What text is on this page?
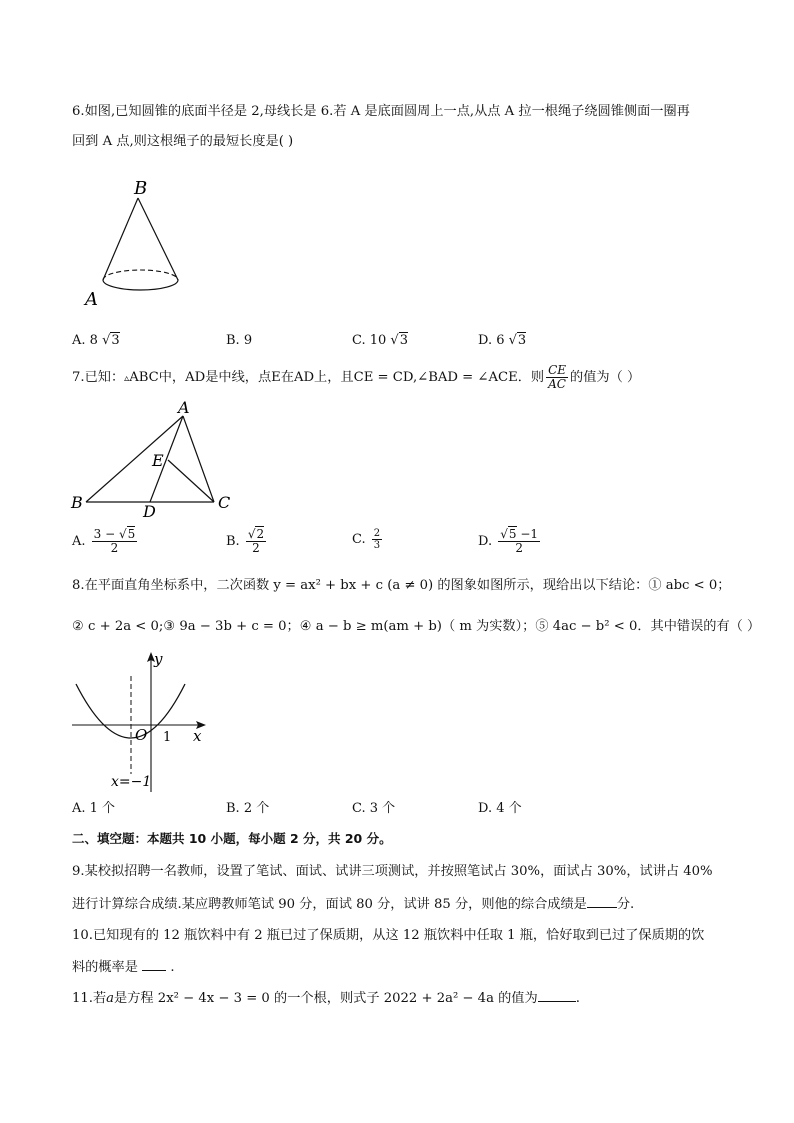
6.如图,已知圆锥的底面半径是 2,母线长是 6.若 A 是底面圆周上一点,从点 A 拉一根绳子绕圆锥侧面一圈再
回到 A 点,则这根绳子的最短长度是( )
B
A
A. 8 √3	B. 9	C. 10 √3	D. 6 √3
7.已知：▵ABC中，AD是中线，点E在AD上，且CE = CD,∠BAD = ∠ACE．则 $\frac{CE}{AC}$ 的值为（ ）
A
B	C
D
E
A. $\frac{3 - √5}{2}$	B. $\frac{√2}{2}$	C. $\frac{2}{3}$	D. $\frac{√5 -1}{2}$
8.在平面直角坐标系中，二次函数 y = ax² + bx + c (a ≠ 0) 的图象如图所示，现给出以下结论：① abc < 0；
② c + 2a < 0;③ 9a − 3b + c = 0；④ a − b ≥ m(am + b)（ m 为实数）；⑤ 4ac − b² < 0．其中错误的有（ ）
y
x
O 1
x=−1
A. 1 个	B. 2 个	C. 3 个	D. 4 个
二、填空题：本题共 10 小题，每小题 2 分，共 20 分。
9.某校拟招聘一名教师，设置了笔试、面试、试讲三项测试，并按照笔试占 30%，面试占 30%，试讲占 40%
进行计算综合成绩.某应聘教师笔试 90 分，面试 80 分，试讲 85 分，则他的综合成绩是 分.
10.已知现有的 12 瓶饮料中有 2 瓶已过了保质期，从这 12 瓶饮料中任取 1 瓶，恰好取到已过了保质期的饮
料的概率是 .
11.若a是方程 2x² − 4x − 3 = 0 的一个根，则式子 2022 + 2a² − 4a 的值为	.
